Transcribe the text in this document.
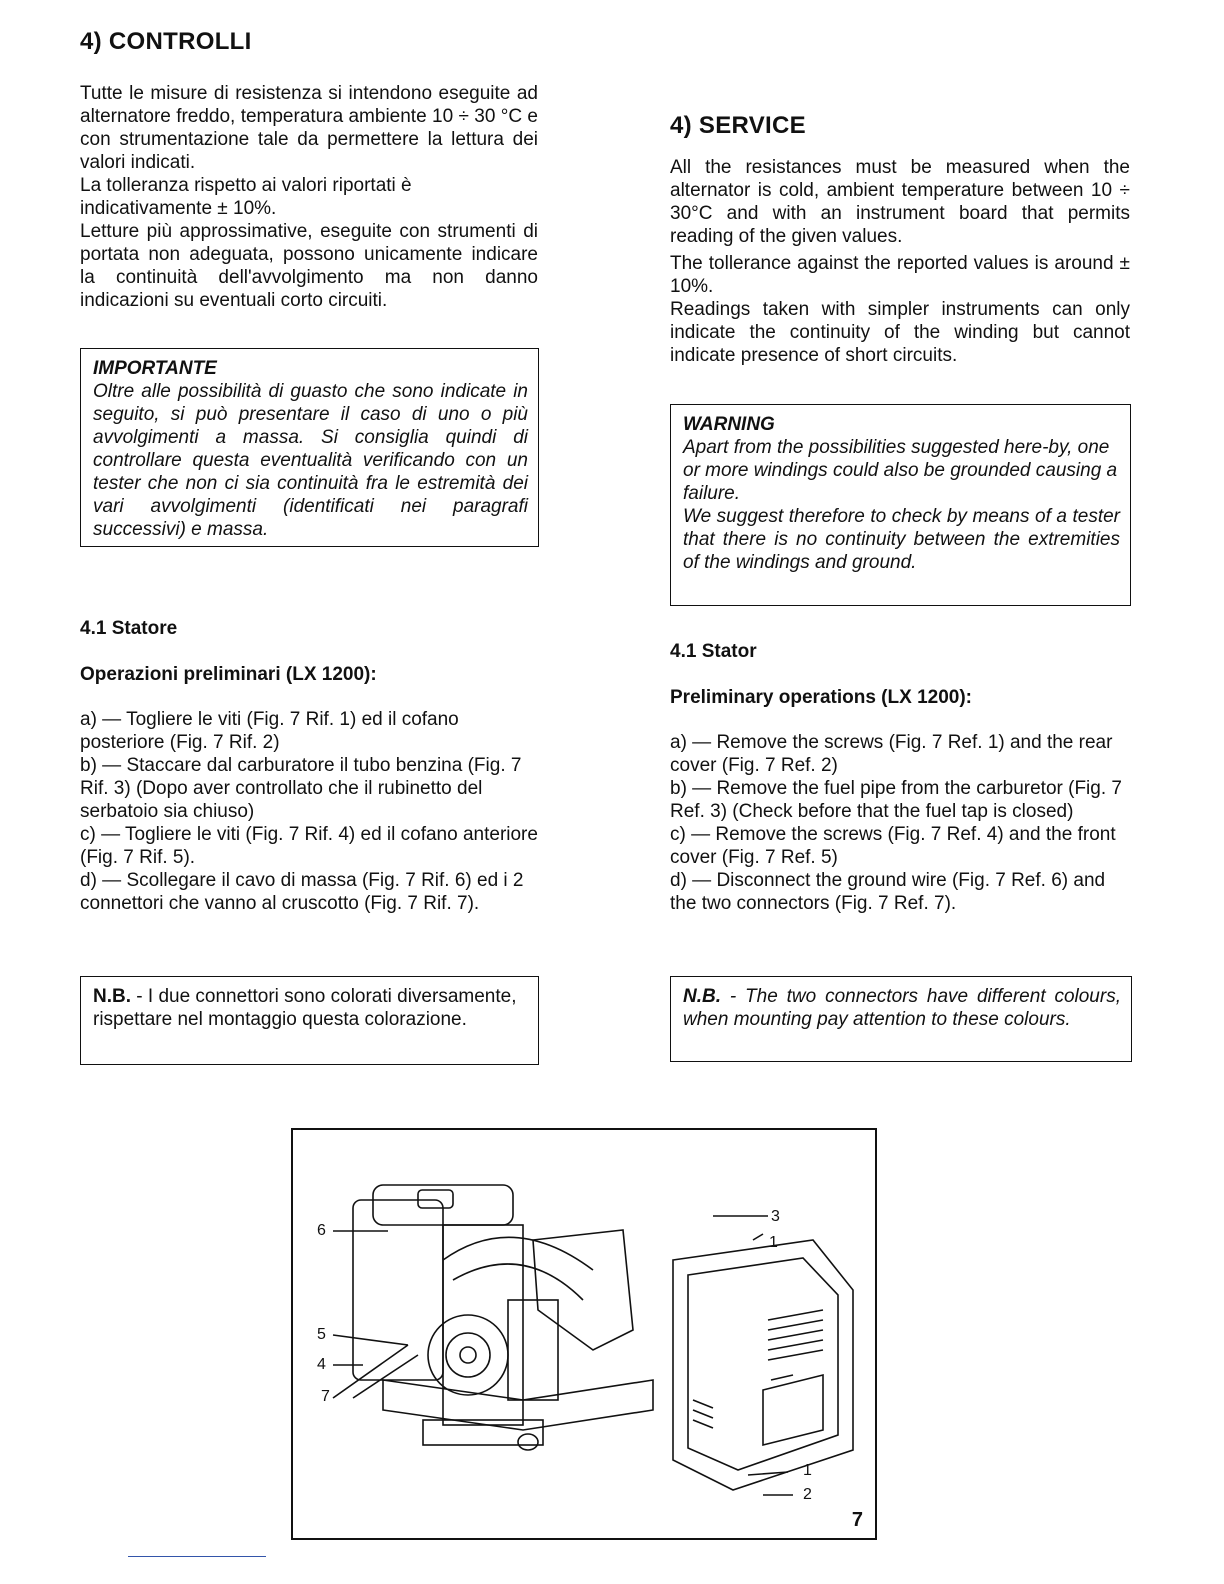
4) CONTROLLI

Tutte le misure di resistenza si intendono eseguite ad alternatore freddo, temperatura ambiente 10 ÷ 30 °C e con strumentazione tale da permettere la lettura dei valori indicati.

La tolleranza rispetto ai valori riportati è indicativamente ± 10%.

Letture più approssimative, eseguite con strumenti di portata non adeguata, possono unicamente indicare la continuità dell'avvolgimento ma non danno indicazioni su eventuali corto circuiti.

IMPORTANTE
Oltre alle possibilità di guasto che sono indicate in seguito, si può presentare il caso di uno o più avvolgimenti a massa. Si consiglia quindi di controllare questa eventualità verificando con un tester che non ci sia continuità fra le estremità dei vari avvolgimenti (identificati nei paragrafi successivi) e massa.

4.1 Statore

Operazioni preliminari (LX 1200):

a) — Togliere le viti (Fig. 7 Rif. 1) ed il cofano posteriore (Fig. 7 Rif. 2)

b) — Staccare dal carburatore il tubo benzina (Fig. 7 Rif. 3) (Dopo aver controllato che il rubinetto del serbatoio sia chiuso)

c) — Togliere le viti (Fig. 7 Rif. 4) ed il cofano anteriore (Fig. 7 Rif. 5).

d) — Scollegare il cavo di massa (Fig. 7 Rif. 6) ed i 2 connettori che vanno al cruscotto (Fig. 7 Rif. 7).

N.B. - I due connettori sono colorati diversamente, rispettare nel montaggio questa colorazione.
4) SERVICE

All the resistances must be measured when the alternator is cold, ambient temperature between 10 ÷ 30°C and with an instrument board that permits reading of the given values.

The tollerance against the reported values is around ± 10%.

Readings taken with simpler instruments can only indicate the continuity of the winding but cannot indicate presence of short circuits.

WARNING
Apart from the possibilities suggested here-by, one or more windings could also be grounded causing a failure.
We suggest therefore to check by means of a tester that there is no continuity between the extremities of the windings and ground.

4.1 Stator

Preliminary operations (LX 1200):

a) — Remove the screws (Fig. 7 Ref. 1) and the rear cover (Fig. 7 Ref. 2)

b) — Remove the fuel pipe from the carburetor (Fig. 7 Ref. 3) (Check before that the fuel tap is closed)

c) — Remove the screws (Fig. 7 Ref. 4) and the front cover (Fig. 7 Ref. 5)

d) — Disconnect the ground wire (Fig. 7 Ref. 6) and the two connectors (Fig. 7 Ref. 7).

N.B. - The two connectors have different colours, when mounting pay attention to these colours.
3
1
6
5
4
7
1
2
7
